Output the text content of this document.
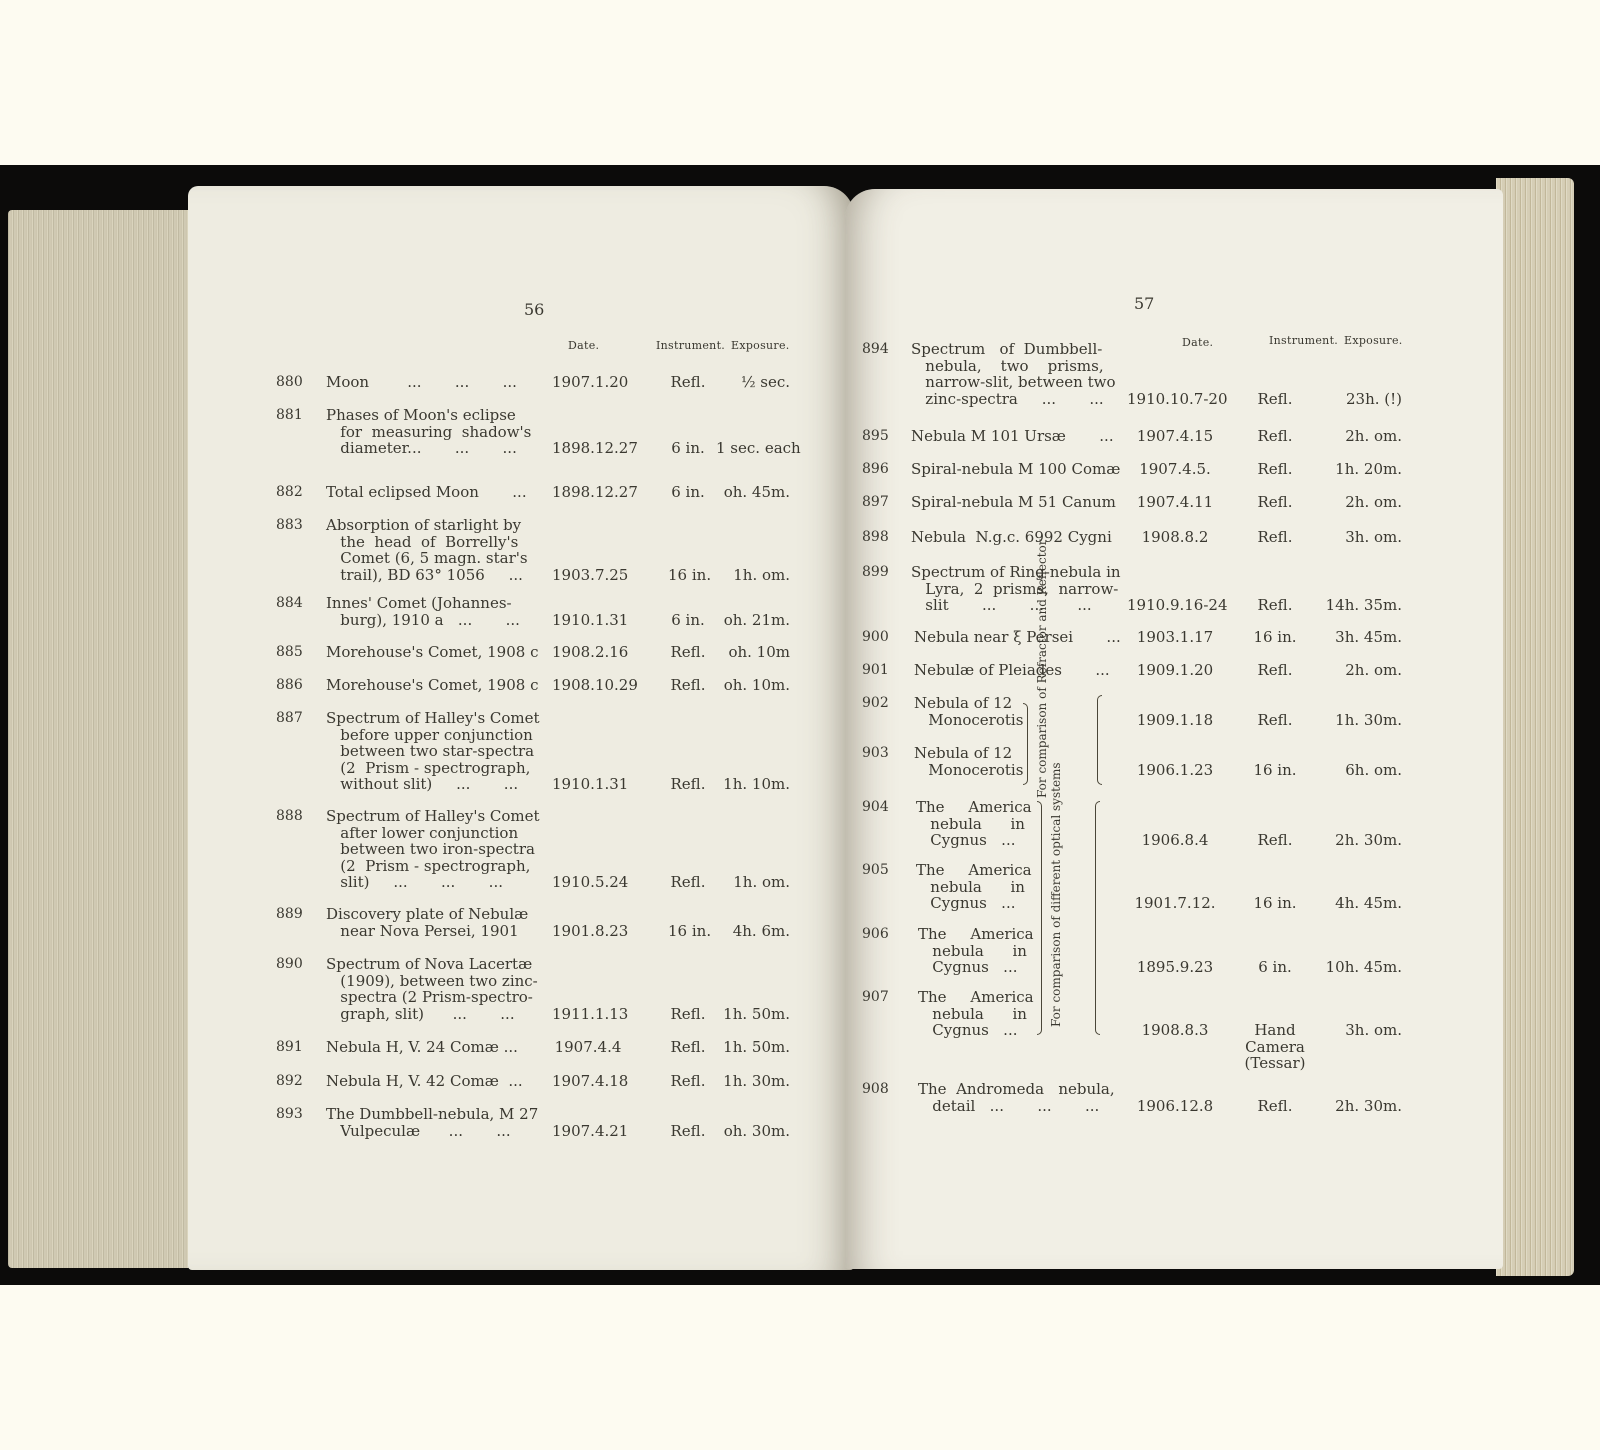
56
Date.	Instrument. Exposure.
880 Moon        ...       ...       ... 1907.1.20	Refl.	½ sec.
881 Phases of Moon's eclipse
for  measuring  shadow's
diameter...       ...       ...	1898.12.27 6 in. 1 sec. each
882 Total eclipsed Moon       ... 1898.12.27 6 in.	oh. 45m.
883 Absorption of starlight by
the  head  of  Borrelly's
Comet (6, 5 magn. star's
trail), BD 63° 1056     ...	1903.7.25	16 in.	1h. om.
884 Innes' Comet (Johannes-
burg), 1910 a   ...       ... 1910.1.31	6 in.	oh. 21m.
885 Morehouse's Comet, 1908 c 1908.2.16	Refl.	oh. 10m
886 Morehouse's Comet, 1908 c 1908.10.29 Refl.	oh. 10m.
887 Spectrum of Halley's Comet
before upper conjunction
between two star-spectra
(2  Prism - spectrograph,
without slit)     ...       ...	1910.1.31	Refl.	1h. 10m.
888 Spectrum of Halley's Comet
after lower conjunction
between two iron-spectra
(2  Prism - spectrograph,
slit)     ...       ...       ...	1910.5.24	Refl.	1h. om.
889 Discovery plate of Nebulæ
near Nova Persei, 1901	1901.8.23	16 in.	4h. 6m.
890 Spectrum of Nova Lacertæ
(1909), between two zinc-
spectra (2 Prism-spectro-
graph, slit)      ...       ...	1911.1.13	Refl.	1h. 50m.
891 Nebula H, V. 24 Comæ ... 1907.4.4	Refl.	1h. 50m.
892 Nebula H, V. 42 Comæ  ... 1907.4.18	Refl.	1h. 30m.
893 The Dumbbell-nebula, M 27
Vulpeculæ      ...       ...	1907.4.21	Refl.	oh. 30m.
57
Date.	Instrument. Exposure.
For comparison of Refractor and Reflector
For comparison of different optical systems
894 Spectrum   of  Dumbbell-
nebula,    two    prisms,
narrow-slit, between two
zinc-spectra     ...       ...	1910.10.7-20	Refl.	23h. (!)
895 Nebula M 101 Ursæ       ...	1907.4.15	Refl.	2h. om.
896 Spiral-nebula M 100 Comæ	1907.4.5.	Refl.	1h. 20m.
897 Spiral-nebula M 51 Canum	1907.4.11	Refl.	2h. om.
898 Nebula  N.g.c. 6992 Cygni	1908.8.2	Refl.	3h. om.
899 Spectrum of Ring-nebula in
Lyra,  2  prisms,  narrow-
slit       ...       ...       ...	1910.9.16-24	Refl.	14h. 35m.
900 Nebula near ξ Persei       ...	1903.1.17	16 in.	3h. 45m.
901 Nebulæ of Pleiades       ...	1909.1.20	Refl.	2h. om.
902 Nebula of 12
Monocerotis	1909.1.18	Refl.	1h. 30m.
903 Nebula of 12
Monocerotis	1906.1.23	16 in.	6h. om.
904 The     America
nebula      in
Cygnus   ...	1906.8.4	Refl.	2h. 30m.
905 The     America
nebula      in
Cygnus   ...	1901.7.12.	16 in.	4h. 45m.
906 The     America
nebula      in
Cygnus   ...	1895.9.23	6 in.	10h. 45m.
907 The     America
nebula      in
Cygnus   ...	1908.8.3	Hand
Camera
(Tessar)
3h. om.
908 The  Andromeda   nebula,
detail   ...       ...       ...	1906.12.8	Refl.	2h. 30m.
